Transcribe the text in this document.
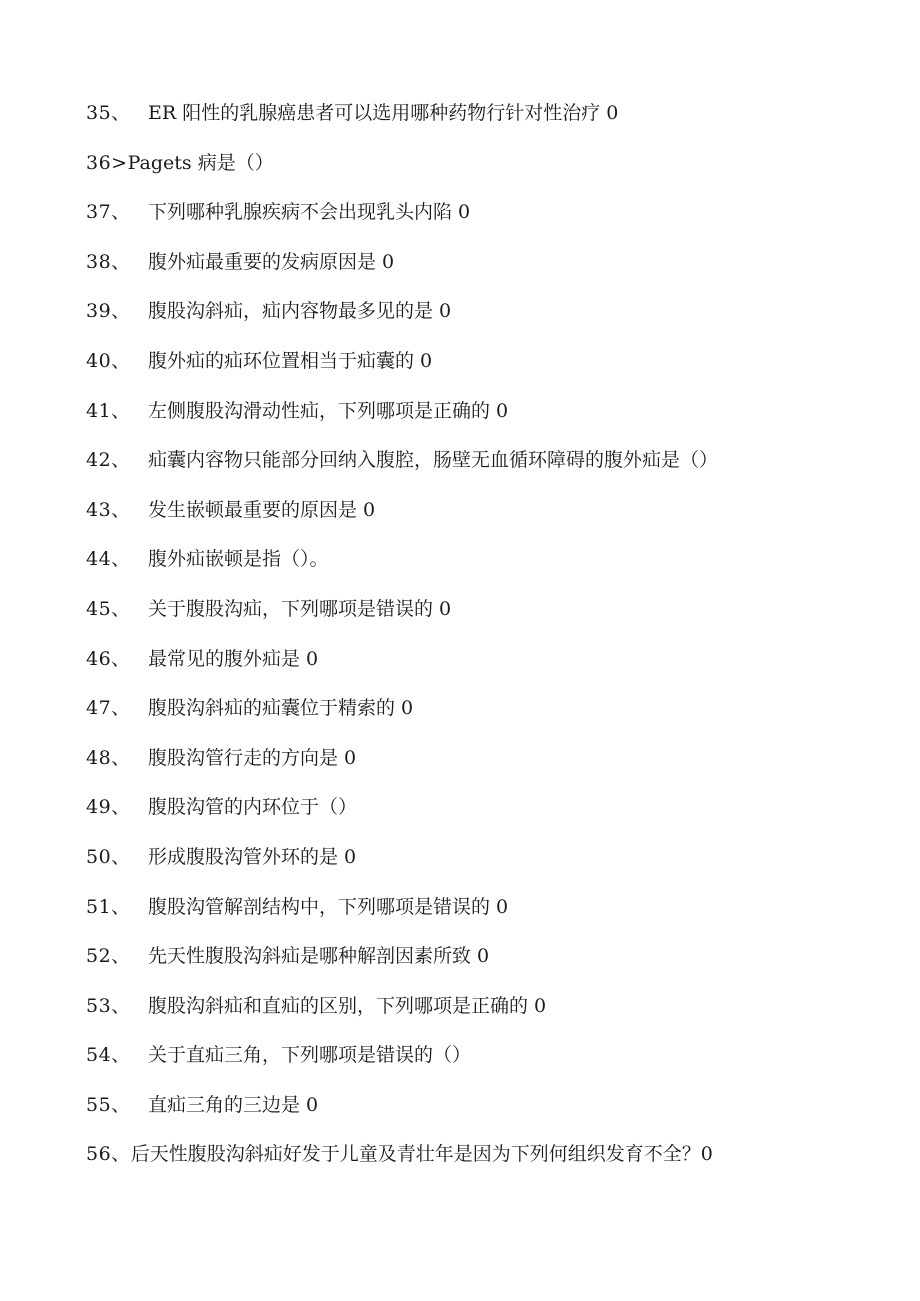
35、 ER 阳性的乳腺癌患者可以选用哪种药物行针对性治疗 0
36> Pagets 病是（）
37、 下列哪种乳腺疾病不会出现乳头内陷 0
38、 腹外疝最重要的发病原因是 0
39、 腹股沟斜疝，疝内容物最多见的是 0
40、 腹外疝的疝环位置相当于疝囊的 0
41、 左侧腹股沟滑动性疝，下列哪项是正确的 0
42、 疝囊内容物只能部分回纳入腹腔，肠壁无血循环障碍的腹外疝是（）
43、 发生嵌顿最重要的原因是 0
44、 腹外疝嵌顿是指（）。
45、 关于腹股沟疝，下列哪项是错误的 0
46、 最常见的腹外疝是 0
47、 腹股沟斜疝的疝囊位于精索的 0
48、 腹股沟管行走的方向是 0
49、 腹股沟管的内环位于（）
50、 形成腹股沟管外环的是 0
51、 腹股沟管解剖结构中，下列哪项是错误的 0
52、 先天性腹股沟斜疝是哪种解剖因素所致 0
53、 腹股沟斜疝和直疝的区别，下列哪项是正确的 0
54、 关于直疝三角，下列哪项是错误的（）
55、 直疝三角的三边是 0
56、 后天性腹股沟斜疝好发于儿童及青壮年是因为下列何组织发育不全？0
